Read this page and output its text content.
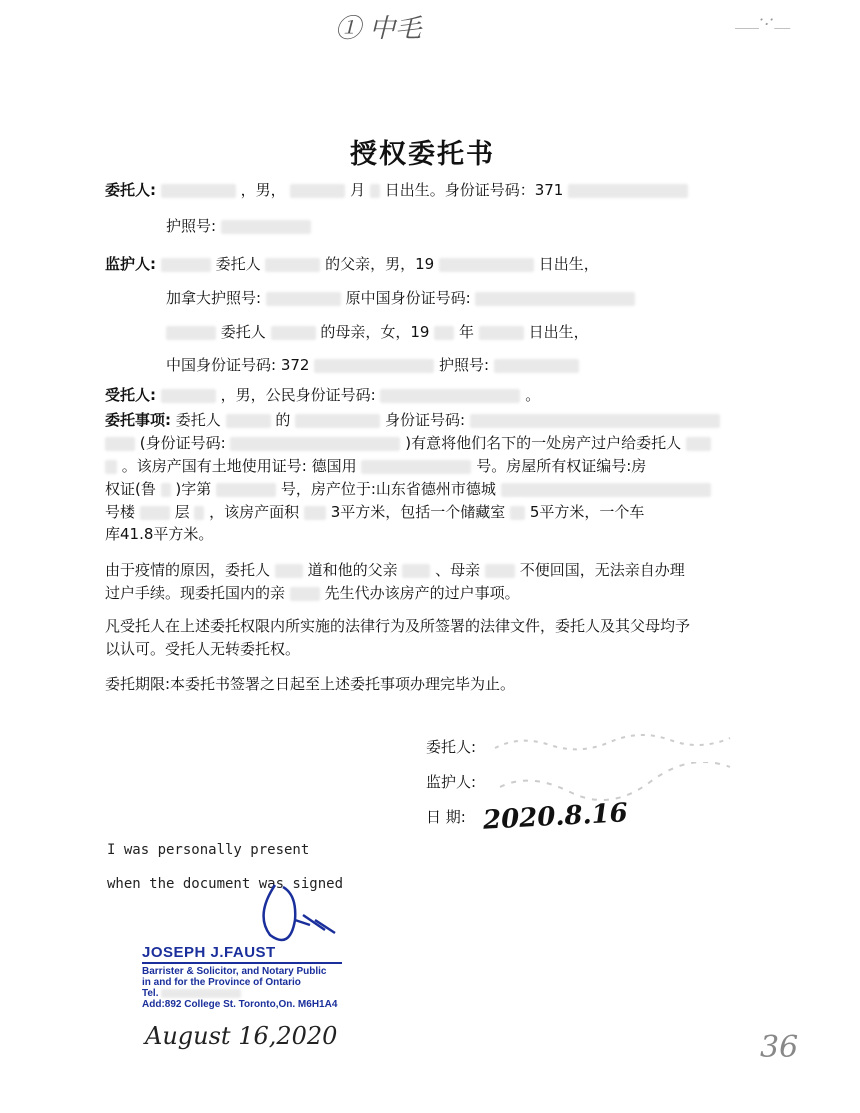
① 中毛	___·.·__
授权委托书
委托人:	，男，	月 日出生。身份证号码：371
护照号:
监护人:	委托人	的父亲，男，19	日出生，
加拿大护照号:	原中国身份证号码:
委托人	的母亲，女，19 年	日出生，
中国身份证号码: 372	护照号:
受托人:	，男，公民身份证号码:	。
委托事项: 委托人	的	身份证号码:
(身份证号码:	)有意将他们名下的一处房产过户给委托人
。该房产国有土地使用证号: 德国用	号。房屋所有权证编号:房
权证(鲁 )字第	号，房产位于:山东省德州市德城
号楼	层 ，该房产面积 3平方米，包括一个储藏室 5平方米，一个车
库41.8平方米。
由于疫情的原因，委托人	道和他的父亲	、母亲	不便回国，无法亲自办理
过户手续。现委托国内的亲	先生代办该房产的过户事项。
凡受托人在上述委托权限内所实施的法律行为及所签署的法律文件，委托人及其父母均予
以认可。受托人无转委托权。
委托期限:本委托书签署之日起至上述委托事项办理完毕为止。
委托人:
监护人:
日 期: 2020.8.16
I was personally present
when the document was signed
JOSEPH J.FAUST
Barrister & Solicitor, and Notary Public
in and for the Province of Ontario
Tel.
Add:892 College St. Toronto,On. M6H1A4
August 16,2020	36
